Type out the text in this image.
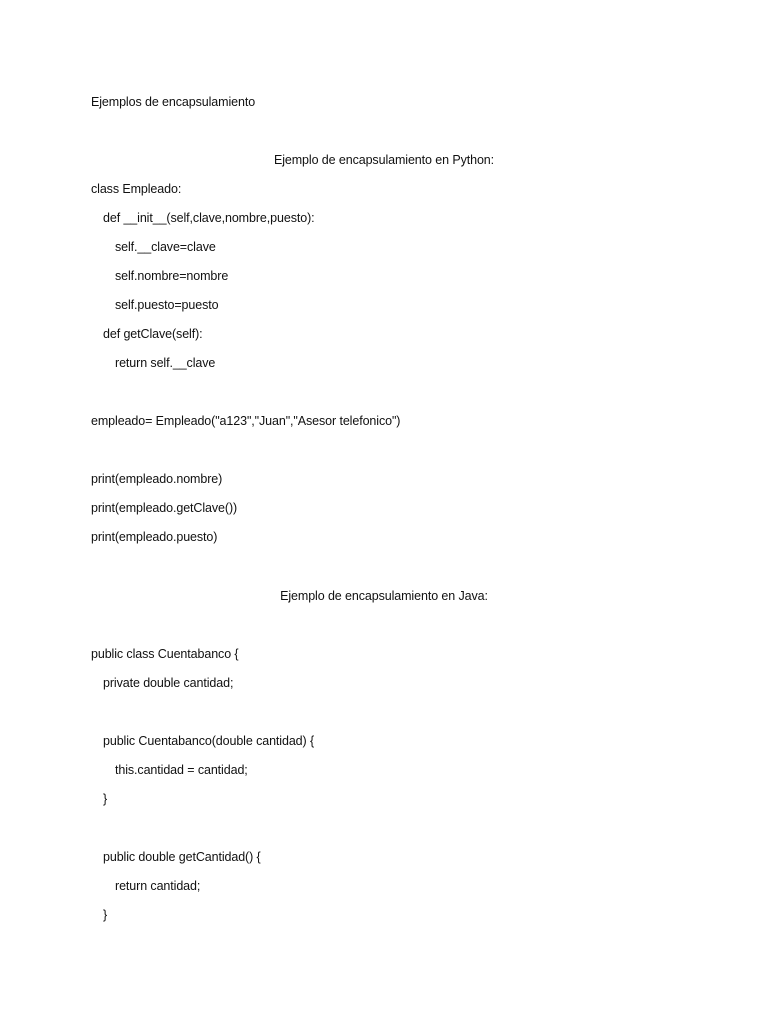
Ejemplos de encapsulamiento
Ejemplo de encapsulamiento en Python:
class Empleado:
def __init__(self,clave,nombre,puesto):
self.__clave=clave
self.nombre=nombre
self.puesto=puesto
def getClave(self):
return self.__clave
empleado= Empleado("a123","Juan","Asesor telefonico")
print(empleado.nombre)
print(empleado.getClave())
print(empleado.puesto)
Ejemplo de encapsulamiento en Java:
public class Cuentabanco {
private double cantidad;
public Cuentabanco(double cantidad) {
this.cantidad = cantidad;
}
public double getCantidad() {
return cantidad;
}
